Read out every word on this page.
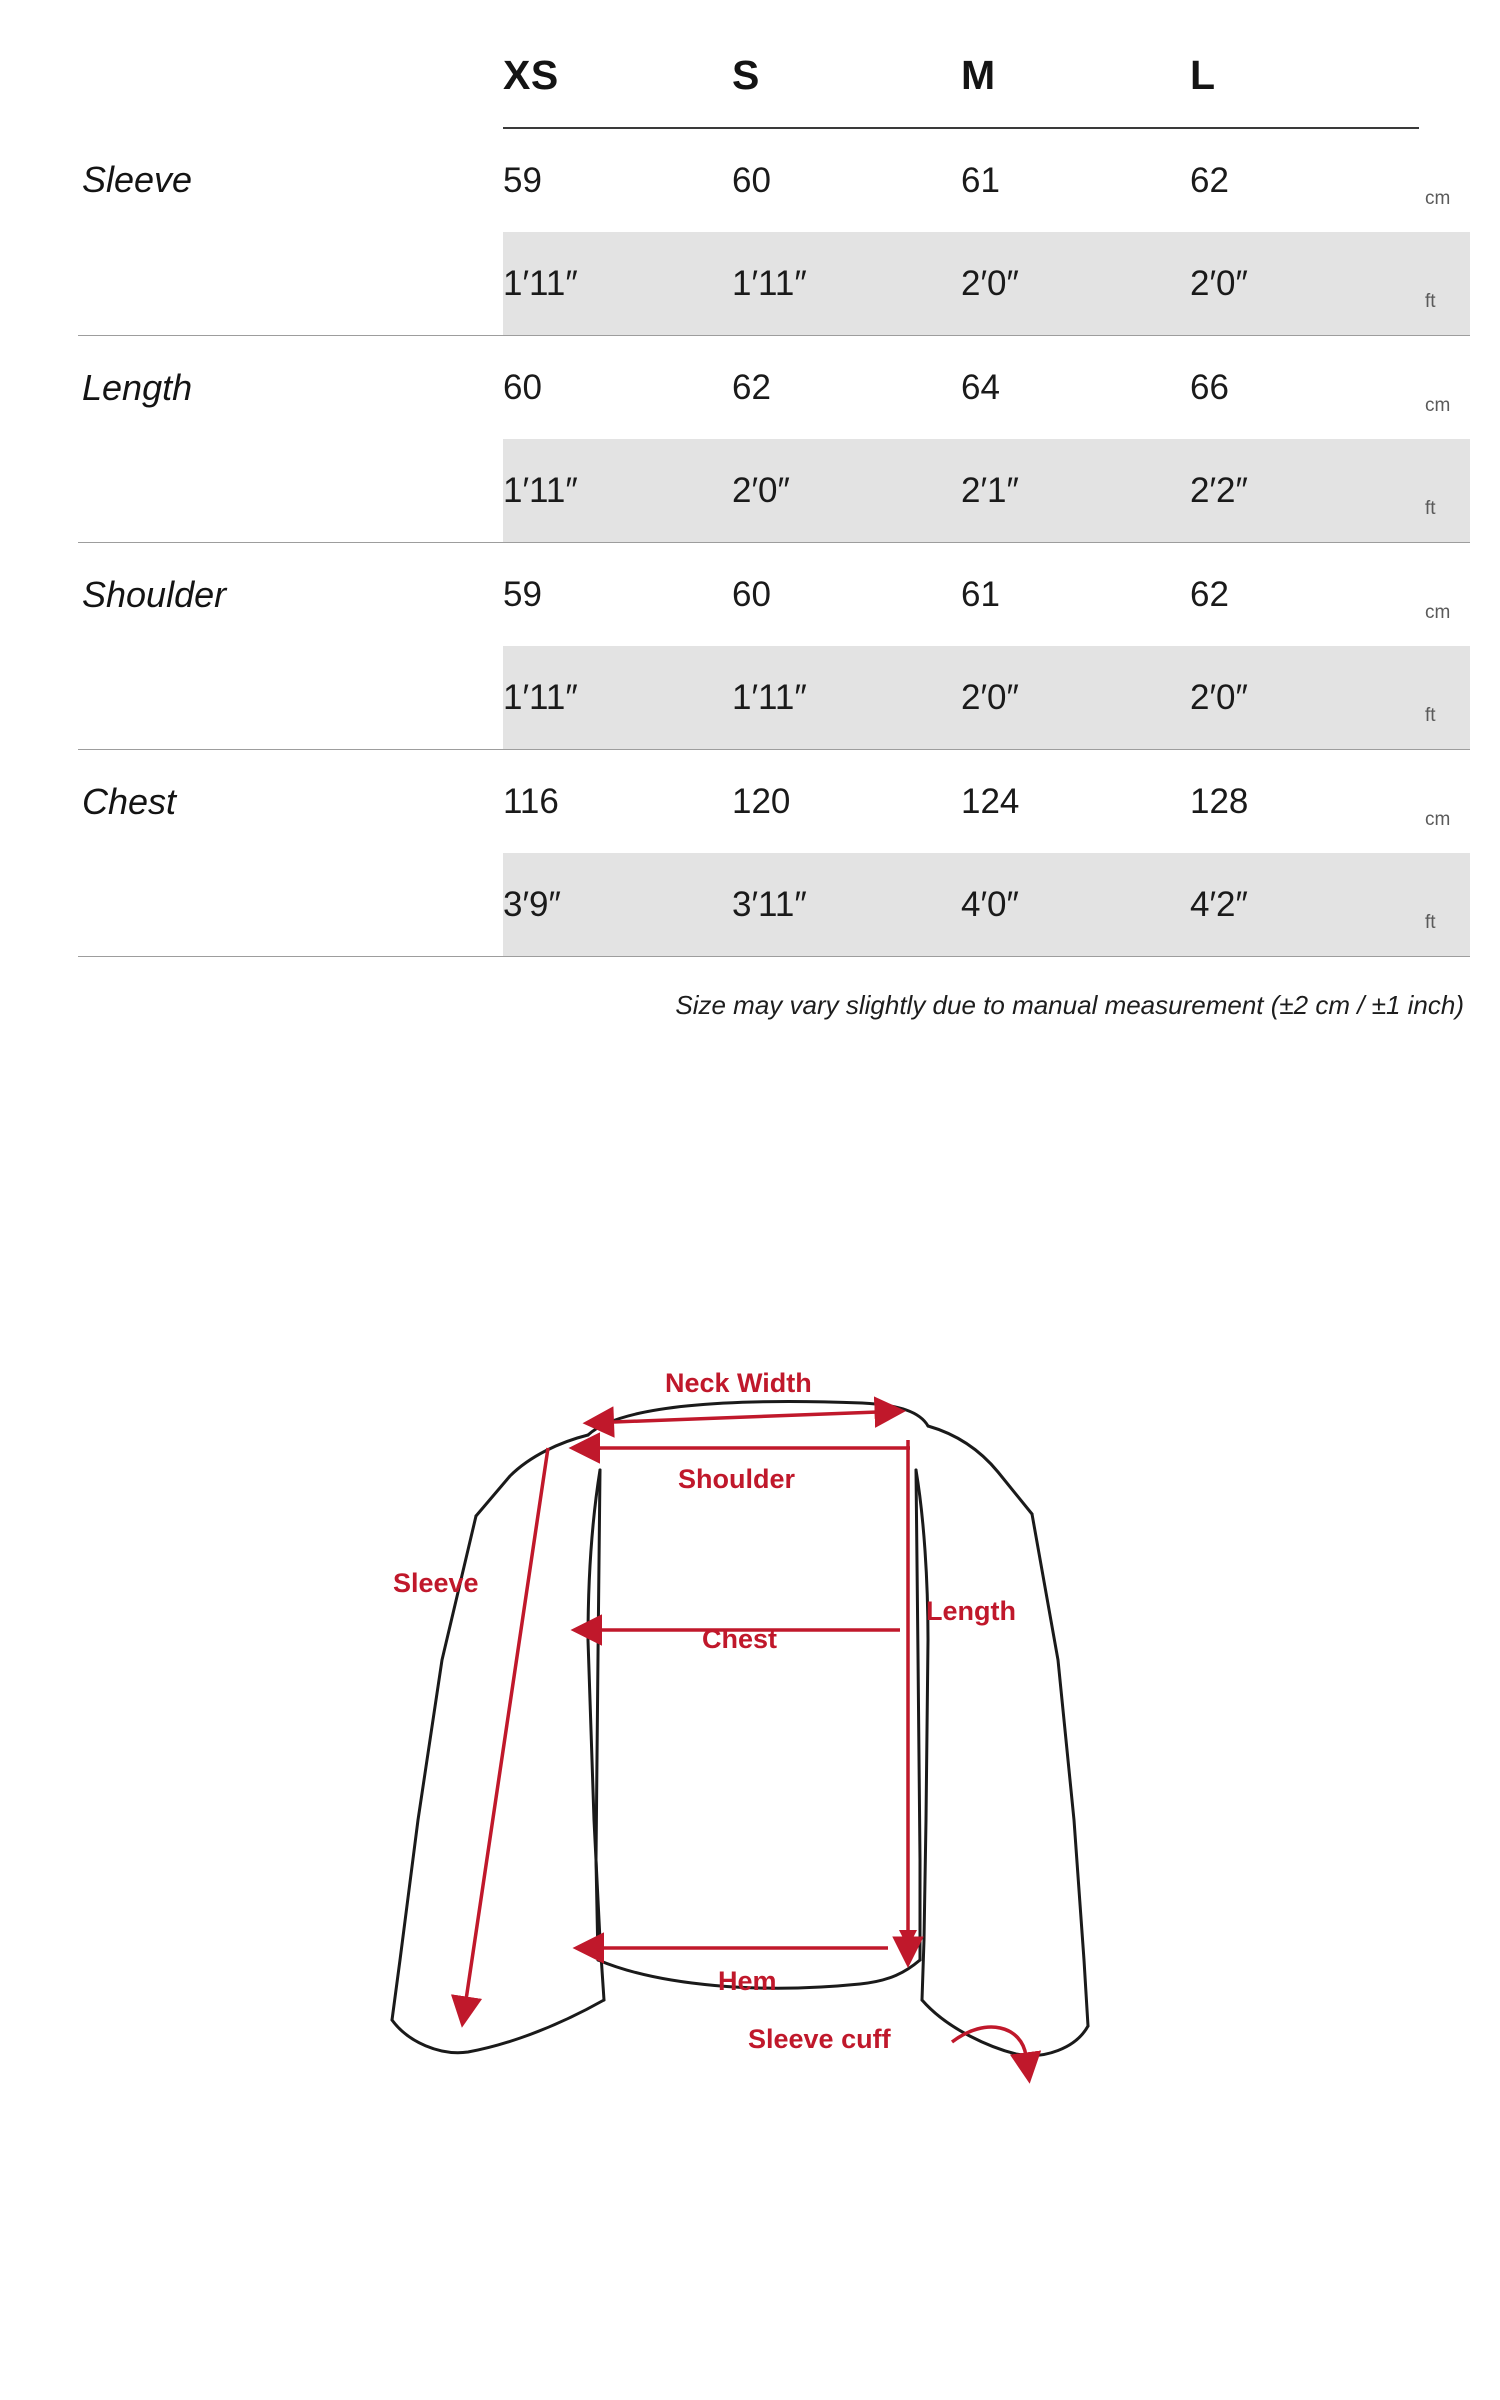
	XS	S	M	L	
Sleeve	59	60	61	62	cm
	1′11″	1′11″	2′0″	2′0″	ft
Length	60	62	64	66	cm
	1′11″	2′0″	2′1″	2′2″	ft
Shoulder	59	60	61	62	cm
	1′11″	1′11″	2′0″	2′0″	ft
Chest	116	120	124	128	cm
	3′9″	3′11″	4′0″	4′2″	ft
Size may vary slightly due to manual measurement (±2 cm / ±1 inch)
Neck Width
Shoulder
Chest
Length
Sleeve
Hem
Sleeve cuff
